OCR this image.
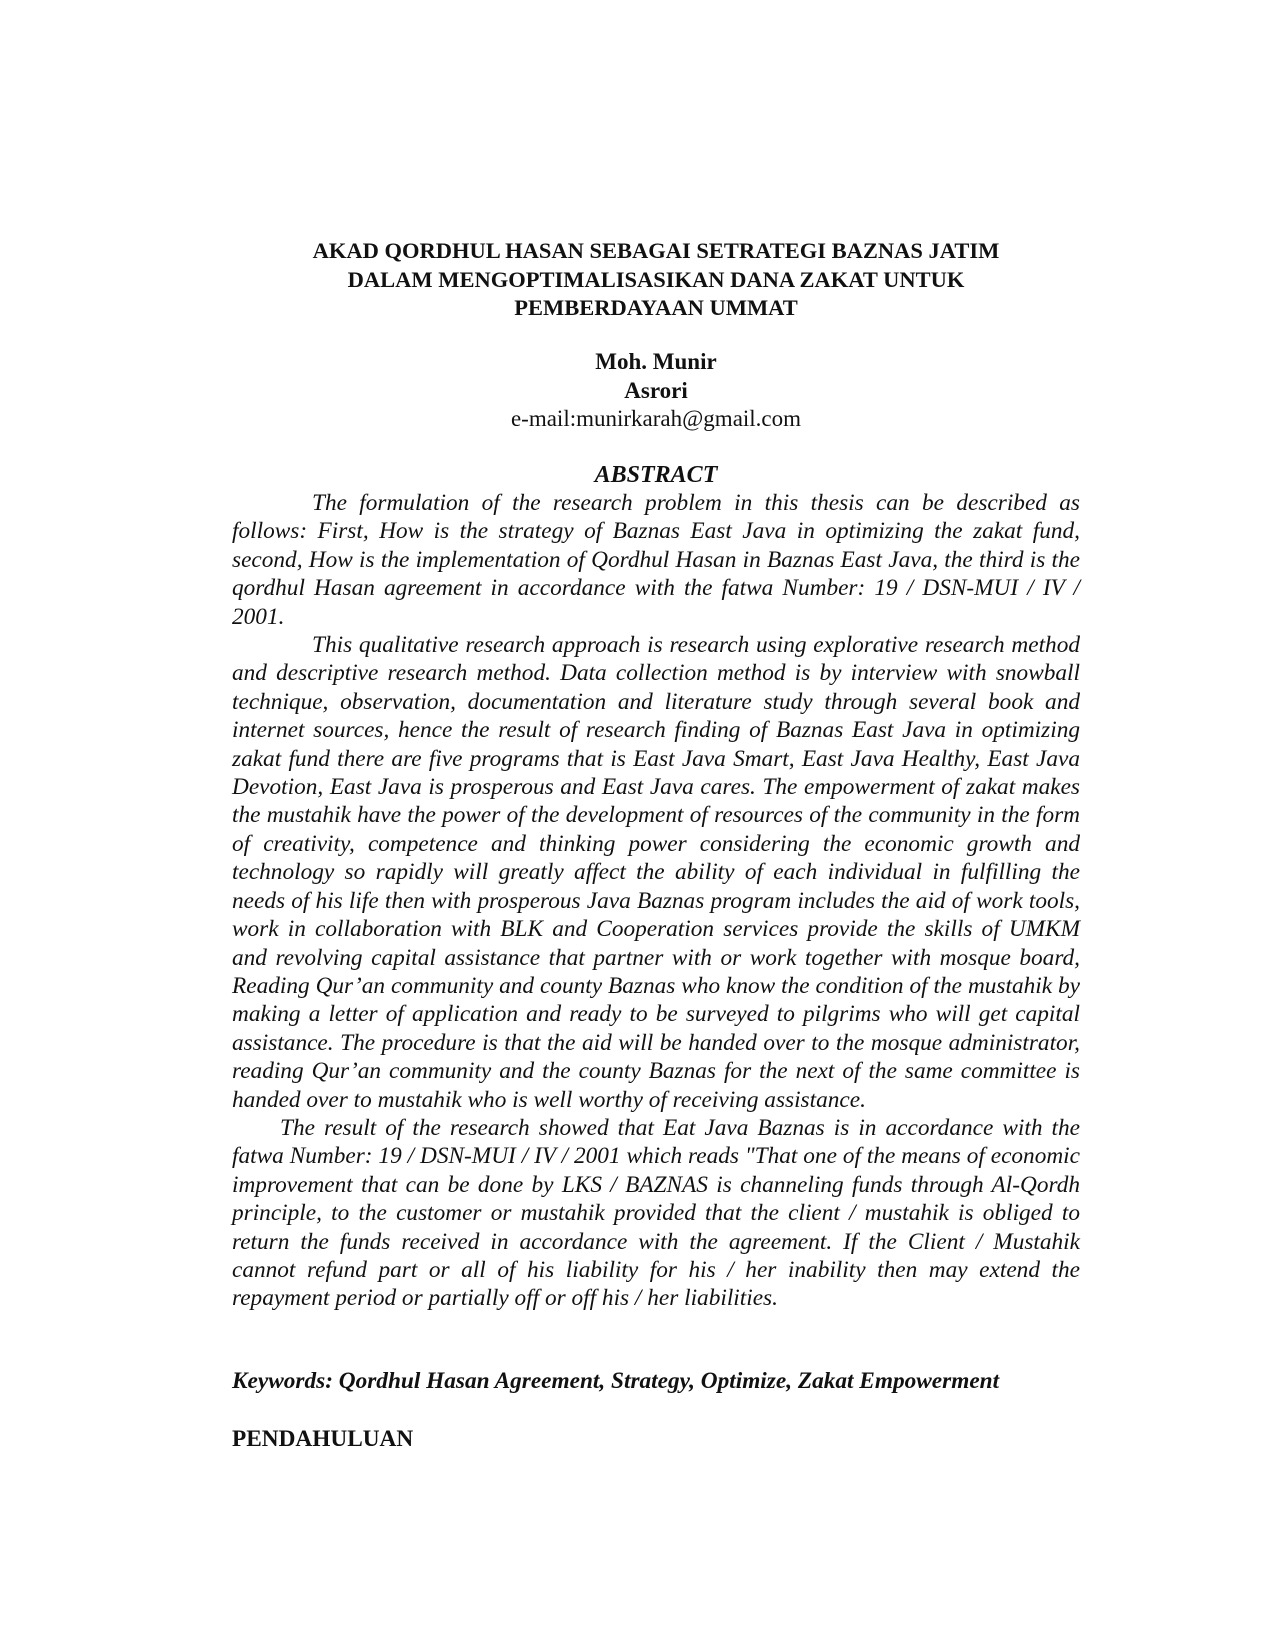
AKAD QORDHUL HASAN SEBAGAI SETRATEGI BAZNAS JATIM
DALAM MENGOPTIMALISASIKAN DANA ZAKAT UNTUK
PEMBERDAYAAN UMMAT
Moh. Munir
Asrori
e-mail:munirkarah@gmail.com
ABSTRACT

The formulation of the research problem in this thesis can be described as follows: First, How is the strategy of Baznas East Java in optimizing the zakat fund, second, How is the implementation of Qordhul Hasan in Baznas East Java, the third is the qordhul Hasan agreement in accordance with the fatwa Number: 19 / DSN-MUI / IV / 2001.

This qualitative research approach is research using explorative research method and descriptive research method. Data collection method is by interview with snowball technique, observation, documentation and literature study through several book and internet sources, hence the result of research finding of Baznas East Java in optimizing zakat fund there are five programs that is East Java Smart, East Java Healthy, East Java Devotion, East Java is prosperous and East Java cares. The empowerment of zakat makes the mustahik have the power of the development of resources of the community in the form of creativity, competence and thinking power considering the economic growth and technology so rapidly will greatly affect the ability of each individual in fulfilling the needs of his life then with prosperous Java Baznas program includes the aid of work tools, work in collaboration with BLK and Cooperation services provide the skills of UMKM and revolving capital assistance that partner with or work together with mosque board, Reading Qur’an community and county Baznas who know the condition of the mustahik by making a letter of application and ready to be surveyed to pilgrims who will get capital assistance. The procedure is that the aid will be handed over to the mosque administrator, reading Qur’an community and the county Baznas for the next of the same committee is handed over to mustahik who is well worthy of receiving assistance.

The result of the research showed that Eat Java Baznas is in accordance with the fatwa Number: 19 / DSN-MUI / IV / 2001 which reads "That one of the means of economic improvement that can be done by LKS / BAZNAS is channeling funds through Al-Qordh principle, to the customer or mustahik provided that the client / mustahik is obliged to return the funds received in accordance with the agreement. If the Client / Mustahik cannot refund part or all of his liability for his / her inability then may extend the repayment period or partially off or off his / her liabilities.

Keywords: Qordhul Hasan Agreement, Strategy, Optimize, Zakat Empowerment
PENDAHULUAN
